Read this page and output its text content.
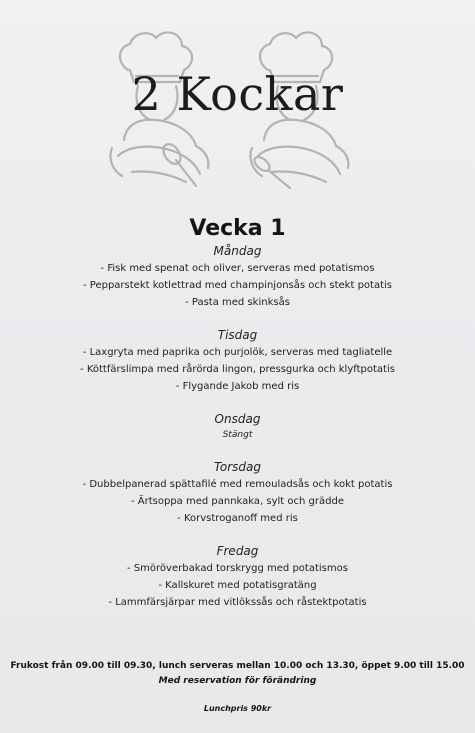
2 Kockar
Vecka 1

Måndag

- Fisk med spenat och oliver, serveras med potatismos

- Pepparstekt kotlettrad med champinjonsås och stekt potatis

- Pasta med skinksås

Tisdag

- Laxgryta med paprika och purjolök, serveras med tagliatelle

- Köttfärslimpa med rårörda lingon, pressgurka och klyftpotatis

- Flygande Jakob med ris

Onsdag

Stängt

Torsdag

- Dubbelpanerad spättafilé med remouladsås och kokt potatis

- Ärtsoppa med pannkaka, sylt och grädde

- Korvstroganoff med ris

Fredag

- Smöröverbakad torskrygg med potatismos

- Kallskuret med potatisgratäng

- Lammfärsjärpar med vitlökssås och råstektpotatis

Frukost från 09.00 till 09.30, lunch serveras mellan 10.00 och 13.30, öppet 9.00 till 15.00

Med reservation för förändring

Lunchpris 90kr
